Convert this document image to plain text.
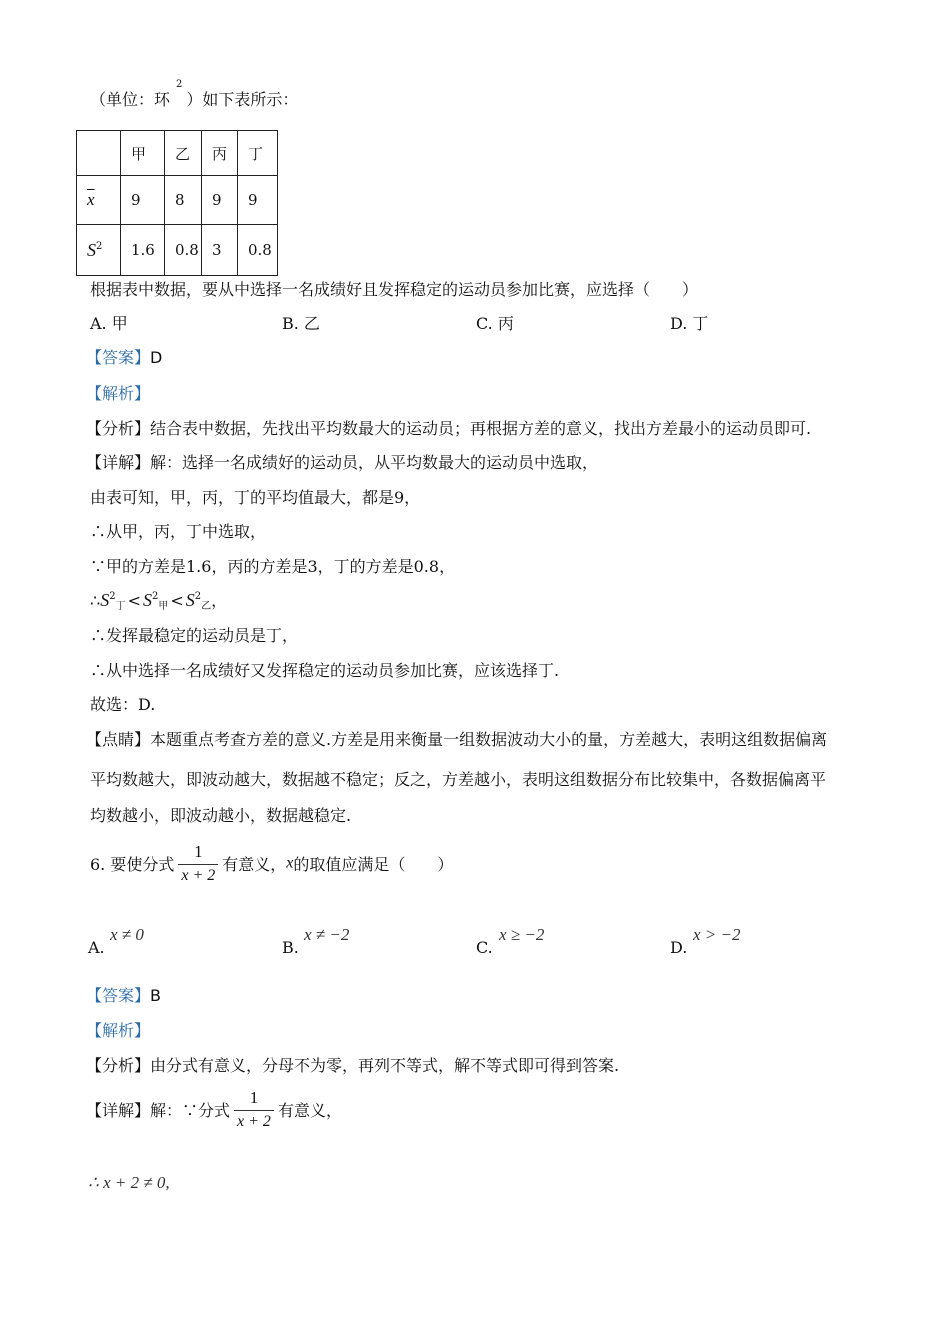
（单位：环$^2$）如下表所示：
	甲	乙	丙	丁
$\overline{x}$	9	8	9	9
$S^2$	1.6	0.8	3	0.8
根据表中数据，要从中选择一名成绩好且发挥稳定的运动员参加比赛，应选择（　　）
A. 甲	B. 乙	C. 丙	D. 丁
【答案】D
【解析】
【分析】结合表中数据，先找出平均数最大的运动员；再根据方差的意义，找出方差最小的运动员即可.
【详解】解：选择一名成绩好的运动员，从平均数最大的运动员中选取，
由表可知，甲，丙，丁的平均值最大，都是9，
∴从甲，丙，丁中选取，
∵甲的方差是1.6，丙的方差是3，丁的方差是0.8，
$\therefore S^2_丁 < S^2_甲 < S^2_乙$，
∴发挥最稳定的运动员是丁，
∴从中选择一名成绩好又发挥稳定的运动员参加比赛，应该选择丁.
故选：D.
【点睛】本题重点考查方差的意义.方差是用来衡量一组数据波动大小的量，方差越大，表明这组数据偏离
平均数越大，即波动越大，数据越不稳定；反之，方差越小，表明这组数据分布比较集中，各数据偏离平
均数越小，即波动越小，数据越稳定.
6. 要使分式 $\frac{1}{x + 2}$ 有意义，x的取值应满足（　　）
A.
x ≠ 0
B.
x ≠ −2
C.
x ≥ −2
D.
x > −2
【答案】B
【解析】
【分析】由分式有意义，分母不为零，再列不等式，解不等式即可得到答案.
【详解】解：∵分式 $\frac{1}{x + 2}$ 有意义，
∴ x + 2 ≠ 0,
